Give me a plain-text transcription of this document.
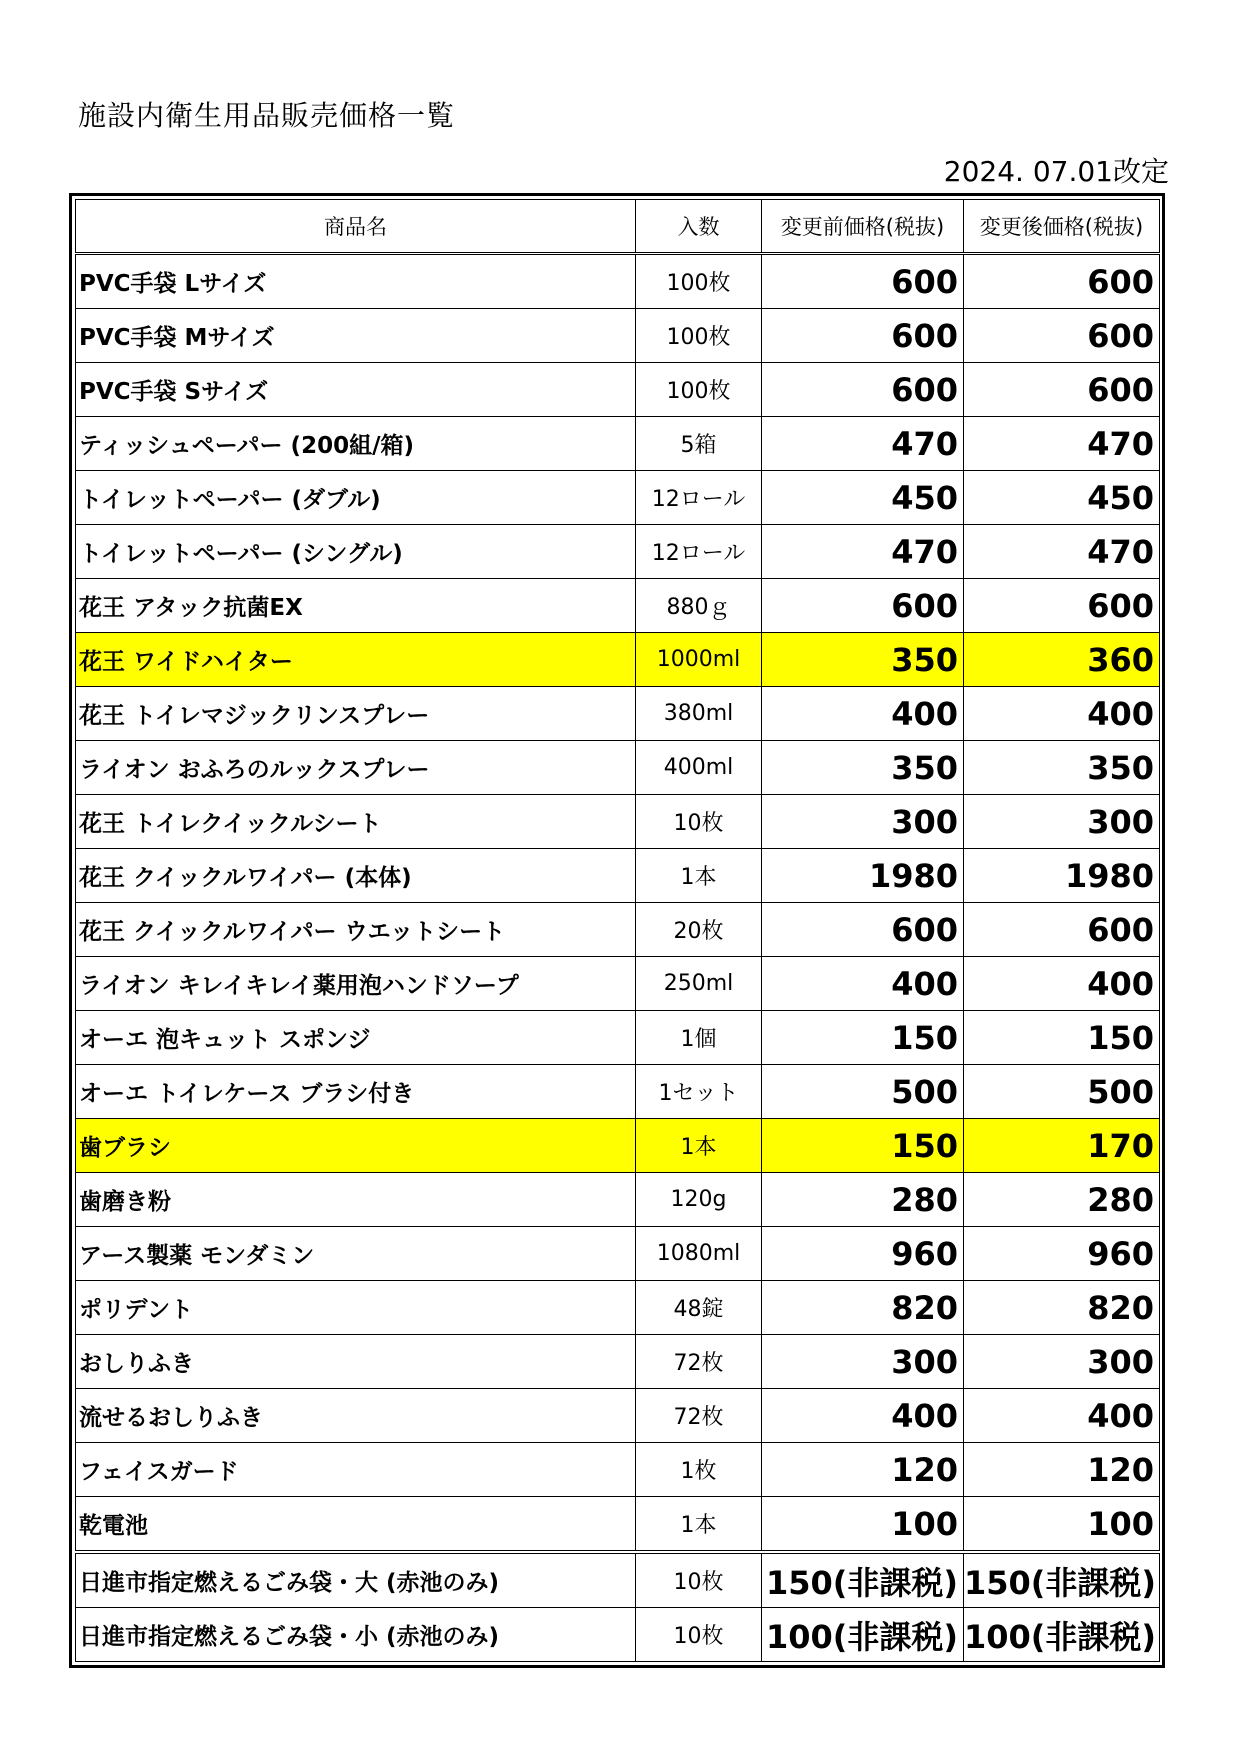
施設内衛生用品販売価格一覧
2024. 07.01改定
商品名	入数	変更前価格(税抜)	変更後価格(税抜)
PVC手袋 Lサイズ	100枚	600	600
PVC手袋 Mサイズ	100枚	600	600
PVC手袋 Sサイズ	100枚	600	600
ティッシュペーパー (200組/箱)	5箱	470	470
トイレットペーパー (ダブル)	12ロール	450	450
トイレットペーパー (シングル)	12ロール	470	470
花王 アタック抗菌EX	880ｇ	600	600
花王 ワイドハイター	1000ml	350	360
花王 トイレマジックリンスプレー	380ml	400	400
ライオン おふろのルックスプレー	400ml	350	350
花王 トイレクイックルシート	10枚	300	300
花王 クイックルワイパー (本体)	1本	1980	1980
花王 クイックルワイパー ウエットシート	20枚	600	600
ライオン キレイキレイ薬用泡ハンドソープ	250ml	400	400
オーエ 泡キュット スポンジ	1個	150	150
オーエ トイレケース ブラシ付き	1セット	500	500
歯ブラシ	1本	150	170
歯磨き粉	120g	280	280
アース製薬 モンダミン	1080ml	960	960
ポリデント	48錠	820	820
おしりふき	72枚	300	300
流せるおしりふき	72枚	400	400
フェイスガード	1枚	120	120
乾電池	1本	100	100
日進市指定燃えるごみ袋・大 (赤池のみ)	10枚	150(非課税)	150(非課税)
日進市指定燃えるごみ袋・小 (赤池のみ)	10枚	100(非課税)	100(非課税)
